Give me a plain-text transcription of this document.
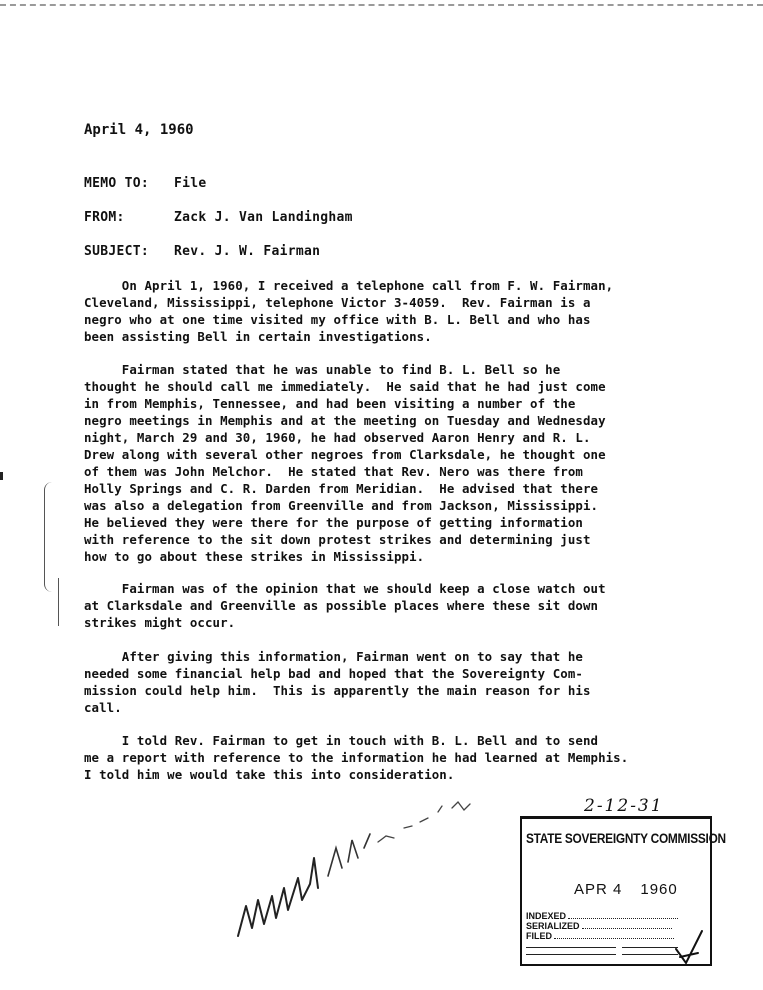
April 4, 1960
MEMO TO: File
FROM:	Zack J. Van Landingham
SUBJECT: Rev. J. W. Fairman
On April 1, 1960, I received a telephone call from F. W. Fairman,
Cleveland, Mississippi, telephone Victor 3-4059.  Rev. Fairman is a
negro who at one time visited my office with B. L. Bell and who has
been assisting Bell in certain investigations.
Fairman stated that he was unable to find B. L. Bell so he
thought he should call me immediately.  He said that he had just come
in from Memphis, Tennessee, and had been visiting a number of the
negro meetings in Memphis and at the meeting on Tuesday and Wednesday
night, March 29 and 30, 1960, he had observed Aaron Henry and R. L.
Drew along with several other negroes from Clarksdale, he thought one
of them was John Melchor.  He stated that Rev. Nero was there from
Holly Springs and C. R. Darden from Meridian.  He advised that there
was also a delegation from Greenville and from Jackson, Mississippi.
He believed they were there for the purpose of getting information
with reference to the sit down protest strikes and determining just
how to go about these strikes in Mississippi.
Fairman was of the opinion that we should keep a close watch out
at Clarksdale and Greenville as possible places where these sit down
strikes might occur.
After giving this information, Fairman went on to say that he
needed some financial help bad and hoped that the Sovereignty Com-
mission could help him.  This is apparently the main reason for his
call.
I told Rev. Fairman to get in touch with B. L. Bell and to send
me a report with reference to the information he had learned at Memphis.
I told him we would take this into consideration.
2-12-31
STATE SOVEREIGNTY COMMISSION
APR 4 1960
INDEXED
SERIALIZED
FILED
